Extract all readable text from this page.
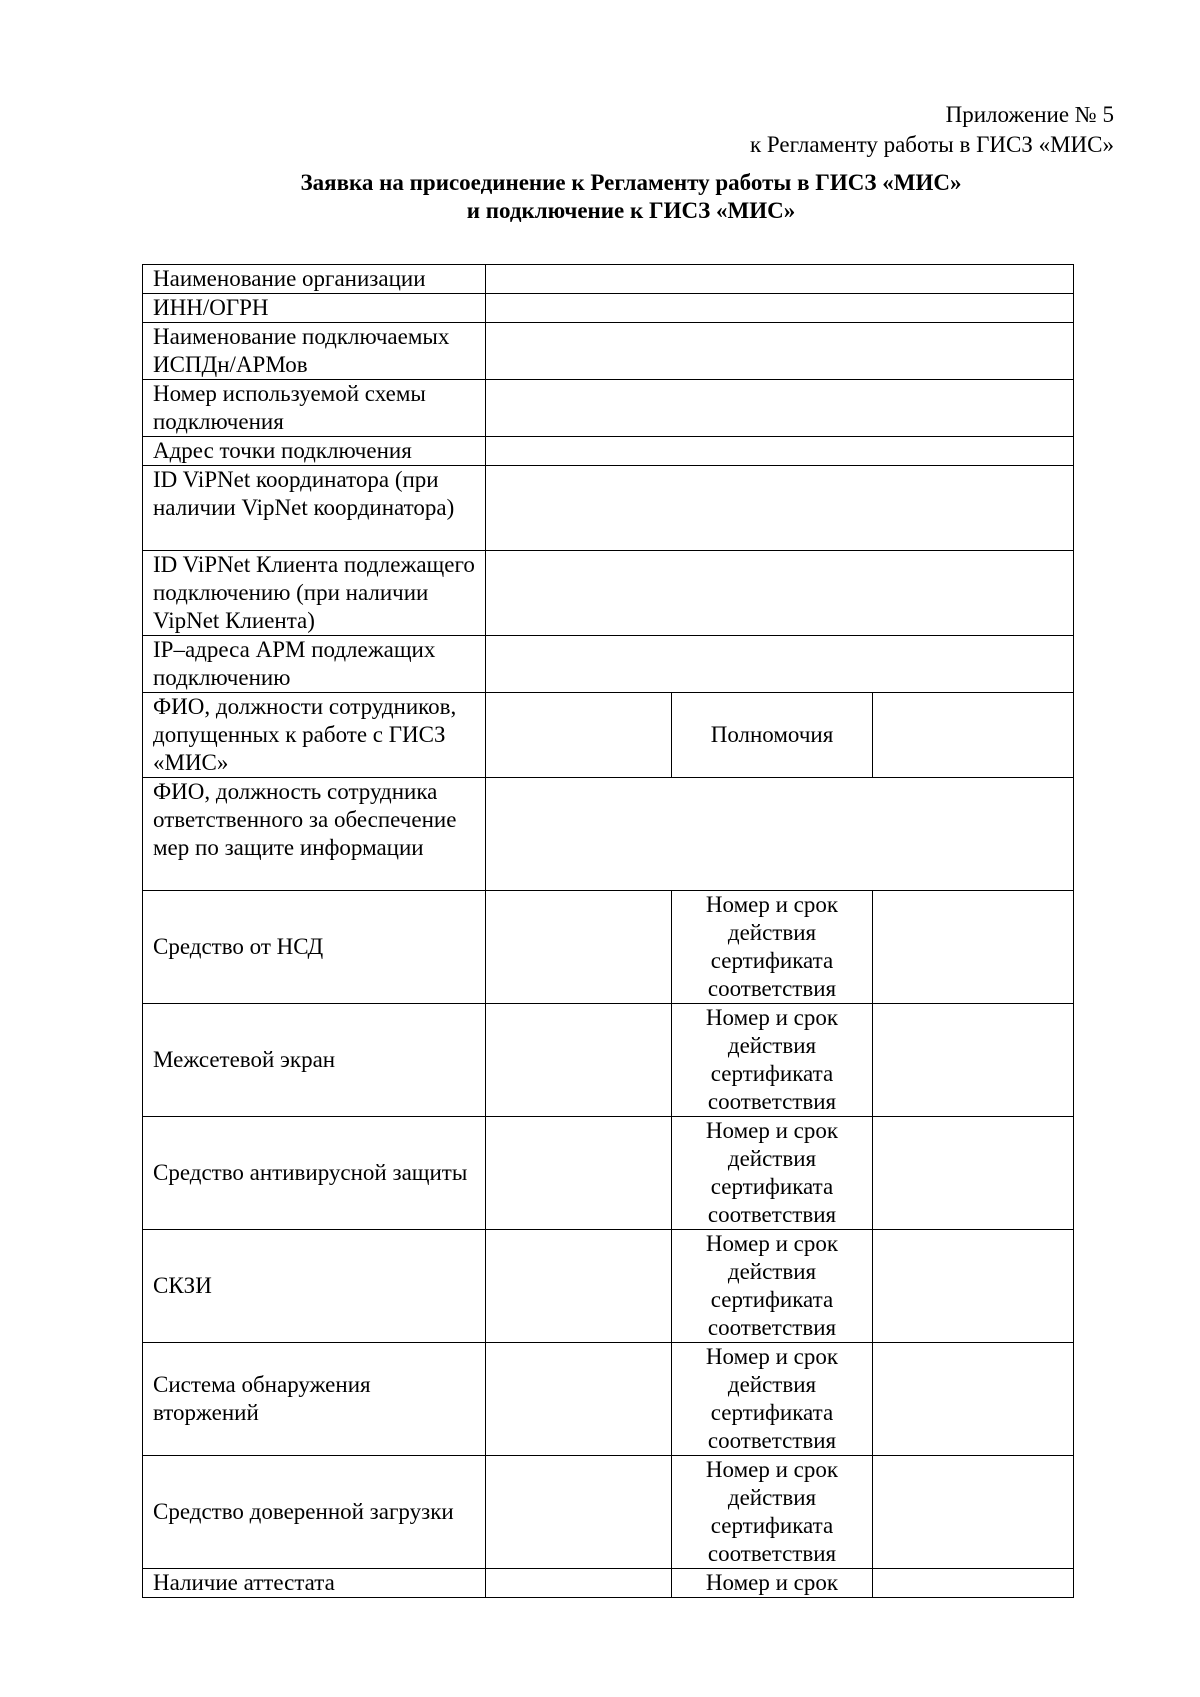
Приложение № 5
к Регламенту работы в ГИСЗ «МИС»
Заявка на присоединение к Регламенту работы в ГИСЗ «МИС»
и подключение к ГИСЗ «МИС»
Наименование организации			
ИНН/ОГРН			
Наименование подключаемых ИСПДн/АРМов			
Номер используемой схемы подключения			
Адрес точки подключения			
ID ViPNet координатора (при наличии VipNet координатора)			
ID ViPNet Клиента подлежащего подключению (при наличии VipNet Клиента)			
IP–адреса АРМ подлежащих подключению			
ФИО, должности сотрудников, допущенных к работе с ГИСЗ «МИС»		Полномочия	
ФИО, должность сотрудника ответственного за обеспечение мер по защите информации			
Средство от НСД		Номер и срок действия сертификата соответствия	
Межсетевой экран		Номер и срок действия сертификата соответствия	
Средство антивирусной защиты		Номер и срок действия сертификата соответствия	
СКЗИ		Номер и срок действия сертификата соответствия	
Система обнаружения вторжений		Номер и срок действия сертификата соответствия	
Средство доверенной загрузки		Номер и срок действия сертификата соответствия	
Наличие аттестата		Номер и срок	
